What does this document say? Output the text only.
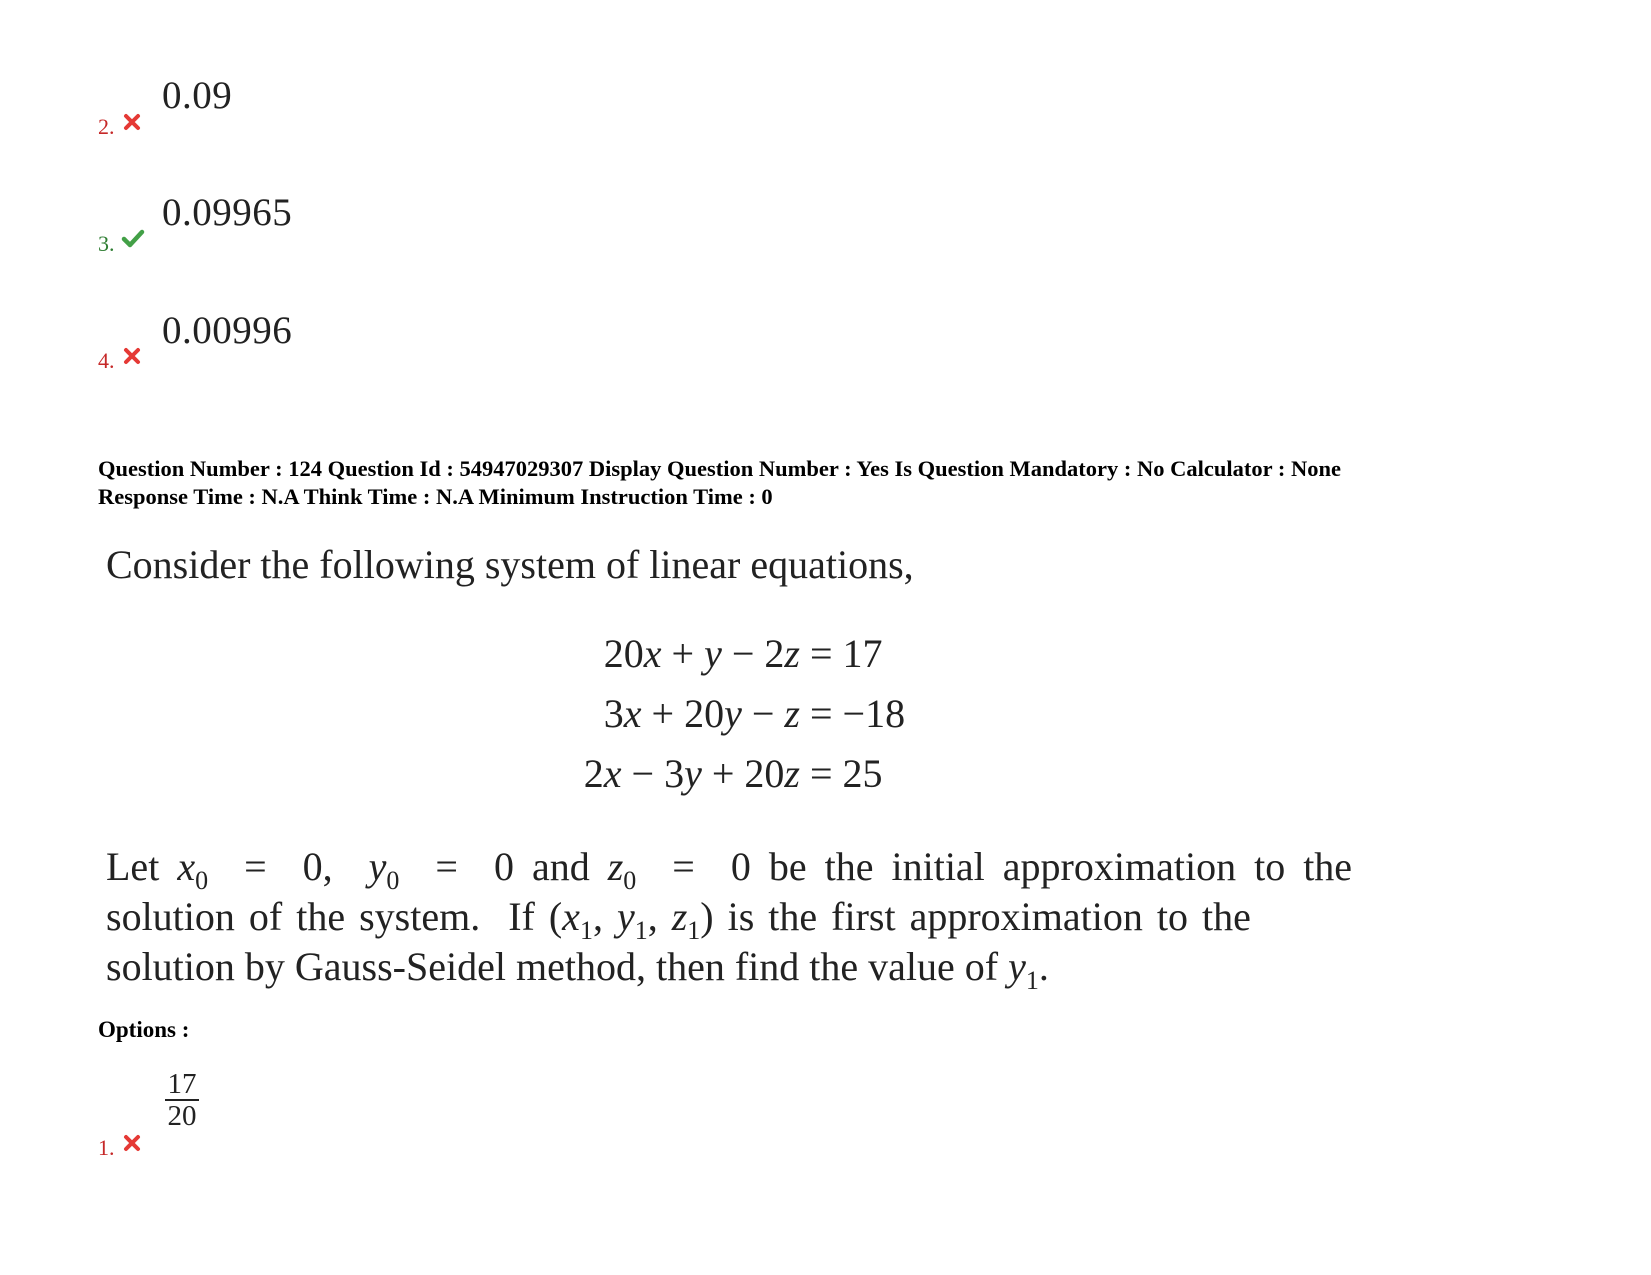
2.
0.09
3.
0.09965
4.
0.00996
Question Number : 124 Question Id : 54947029307 Display Question Number : Yes Is Question Mandatory : No Calculator : None
Response Time : N.A Think Time : N.A Minimum Instruction Time : 0
Consider the following system of linear equations,
20x + y − 2z = 17
3x + 20y − z = −18
2x − 3y + 20z = 25
Let $x_0 = 0$,  $y_0 = 0$ and $z_0 = 0$ be the initial approximation to the
solution of the system.  If ($x_1$, $y_1$, $z_1$) is the first approximation to the
solution by Gauss-Seidel method, then find the value of $y_1$.
Options :
1.
$\frac{17}{20}$
